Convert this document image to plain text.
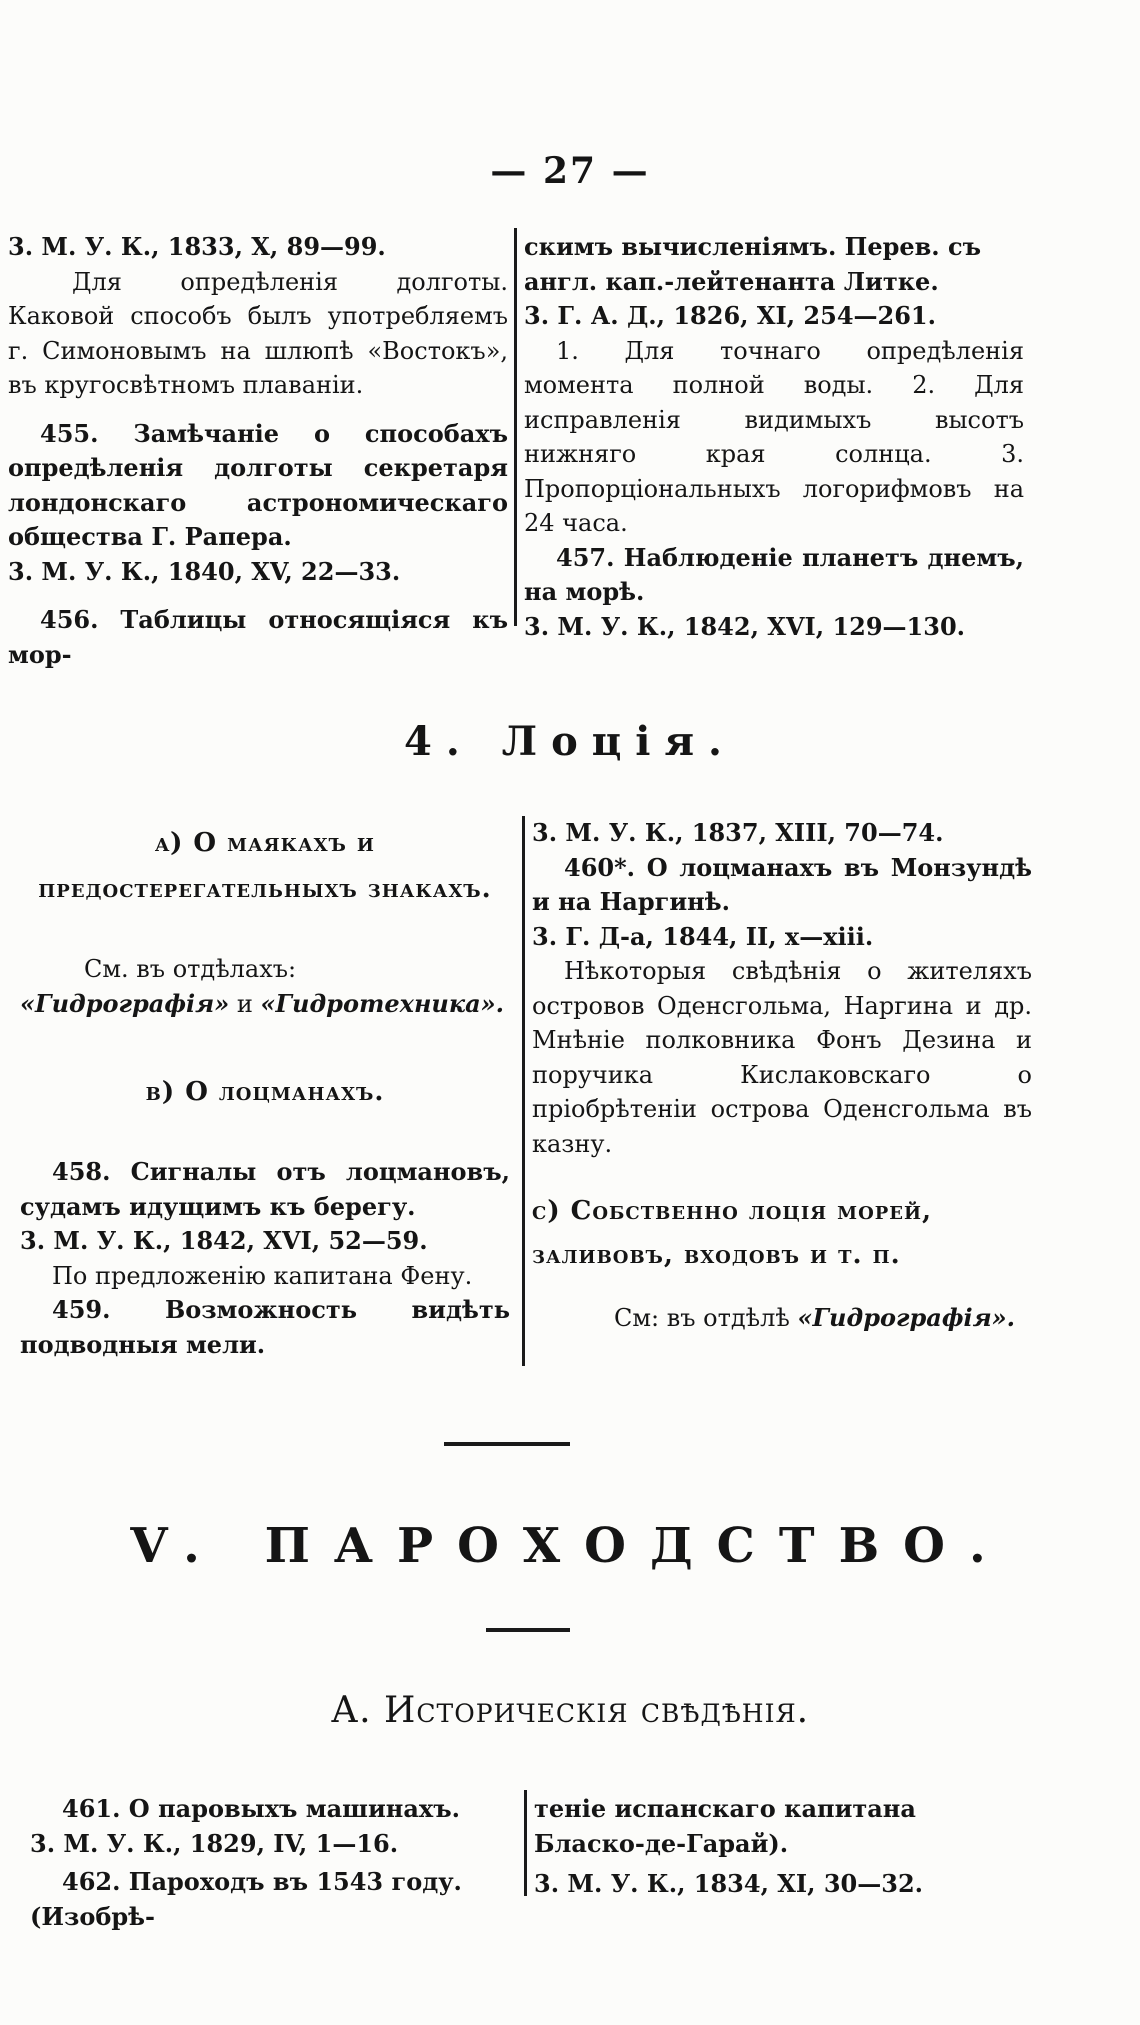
— 27 —

3. М. У. К., 1833, X, 89—99.

Для опредѣленія долготы. Каковой способъ былъ употребляемъ г. Симоновымъ на шлюпѣ «Востокъ», въ кругосвѣтномъ плаваніи.

455. Замѣчаніе о способахъ опредѣленія долготы секретаря лондонскаго астрономическаго общества Г. Рапера.

3. М. У. К., 1840, XV, 22—33.

456. Таблицы относящіяся къ мор-

скимъ вычисленіямъ. Перев. съ англ. кап.-лейтенанта Литке.

3. Г. А. Д., 1826, XI, 254—261.

1. Для точнаго опредѣленія момента полной воды. 2. Для исправленія видимыхъ высотъ нижняго края солнца. 3. Пропорціональныхъ логорифмовъ на 24 часа.

457. Наблюденіе планетъ днемъ, на морѣ.

3. М. У. К., 1842, XVI, 129—130.

4. Лоція.

a) О маякахъ и предостерегательныхъ знакахъ.

См. въ отдѣлахъ: «Гидрографія» и «Гидротехника».

b) О лоцманахъ.

458. Сигналы отъ лоцмановъ, судамъ идущимъ къ берегу.

3. М. У. К., 1842, XVI, 52—59.

По предложенію капитана Фену.

459. Возможность видѣть подводныя мели.

3. М. У. К., 1837, XIII, 70—74.

460*. О лоцманахъ въ Монзундѣ и на Наргинѣ.

3. Г. Д-а, 1844, II, x—xiii.

Нѣкоторыя свѣдѣнія о жителяхъ островов Оденсгольма, Наргина и др. Мнѣніе полковника Фонъ Дезина и поручика Кислаковскаго о пріобрѣтеніи острова Оденсгольма въ казну.

c) Собственно лоція морей, заливовъ, входовъ и т. п.

См: въ отдѣлѣ «Гидрографія».

V. ПАРОХОДСТВО.
А. Историческія свѣдѣнія.

461. О паровыхъ машинахъ.

3. М. У. К., 1829, IV, 1—16.

462. Пароходъ въ 1543 году. (Изобрѣ-

теніе испанскаго капитана Бласко-де-Гарай).

3. М. У. К., 1834, XI, 30—32.
